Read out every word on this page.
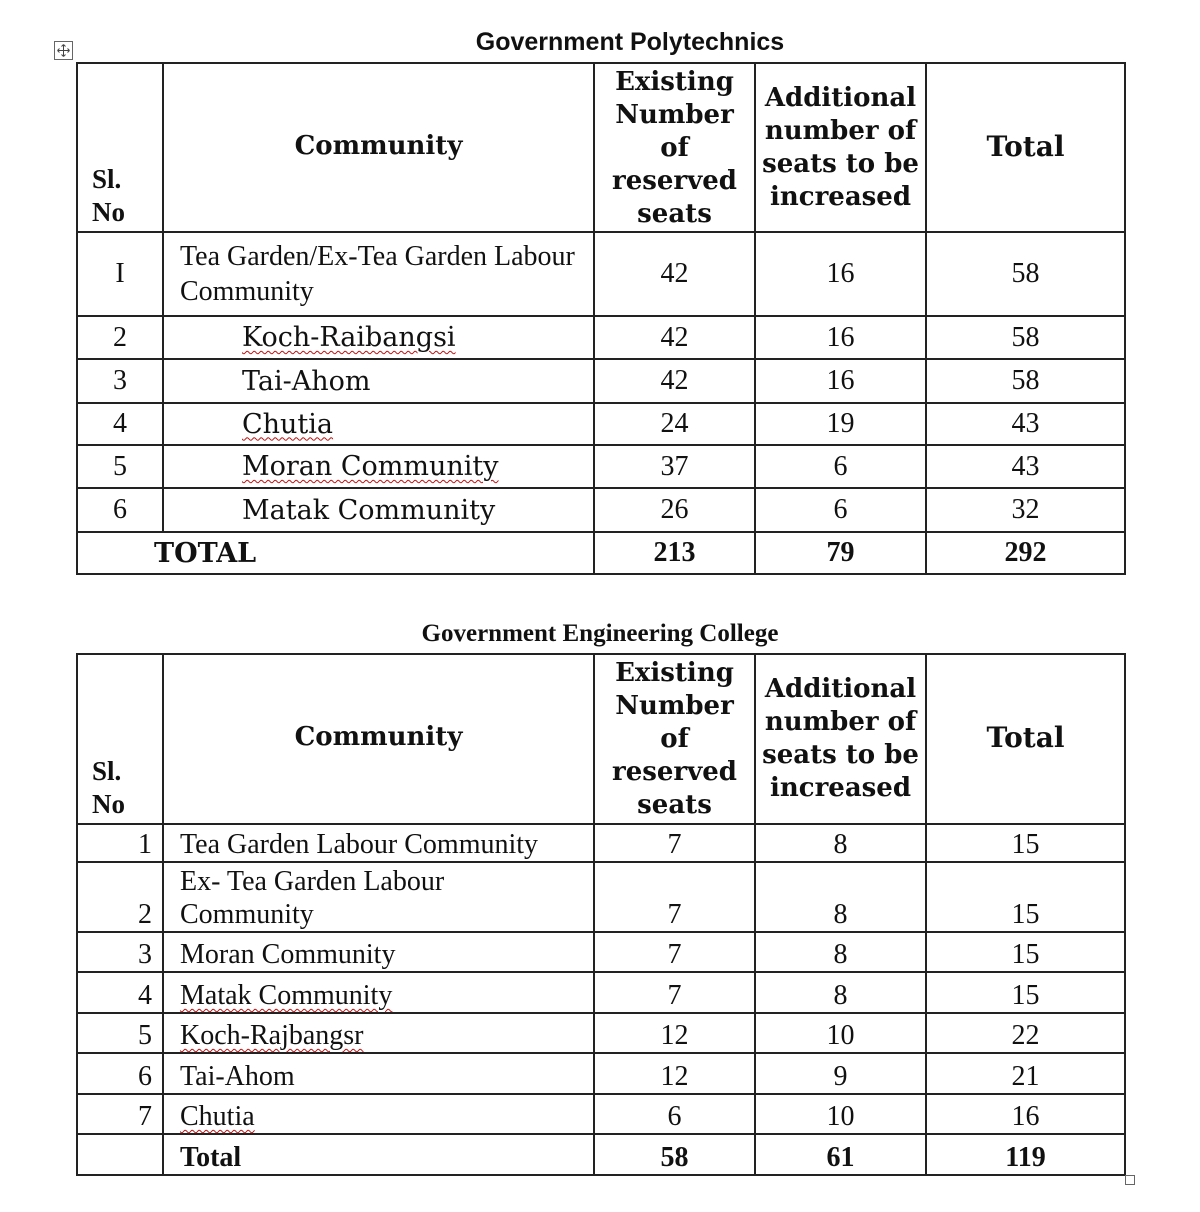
Government Polytechnics
Sl.
No	Community	Existing
Number
of
reserved
seats	Additional
number of
seats to be
increased	Total
I	Tea Garden/Ex-Tea Garden Labour
Community	42	16	58
2	Koch-Raibangsi	42	16	58
3	Tai-Ahom	42	16	58
4	Chutia	24	19	43
5	Moran Community	37	6	43
6	Matak Community	26	6	32
TOTAL		213	79	292
Government Engineering College
Sl.
No	Community	Existing
Number
of
reserved
seats	Additional
number of
seats to be
increased	Total
1	Tea Garden Labour Community	7	8	15
2	Ex- Tea Garden Labour
Community	7	8	15
3	Moran Community	7	8	15
4	Matak Community	7	8	15
5	Koch-Rajbangsr	12	10	22
6	Tai-Ahom	12	9	21
7	Chutia	6	10	16
	Total	58	61	119
